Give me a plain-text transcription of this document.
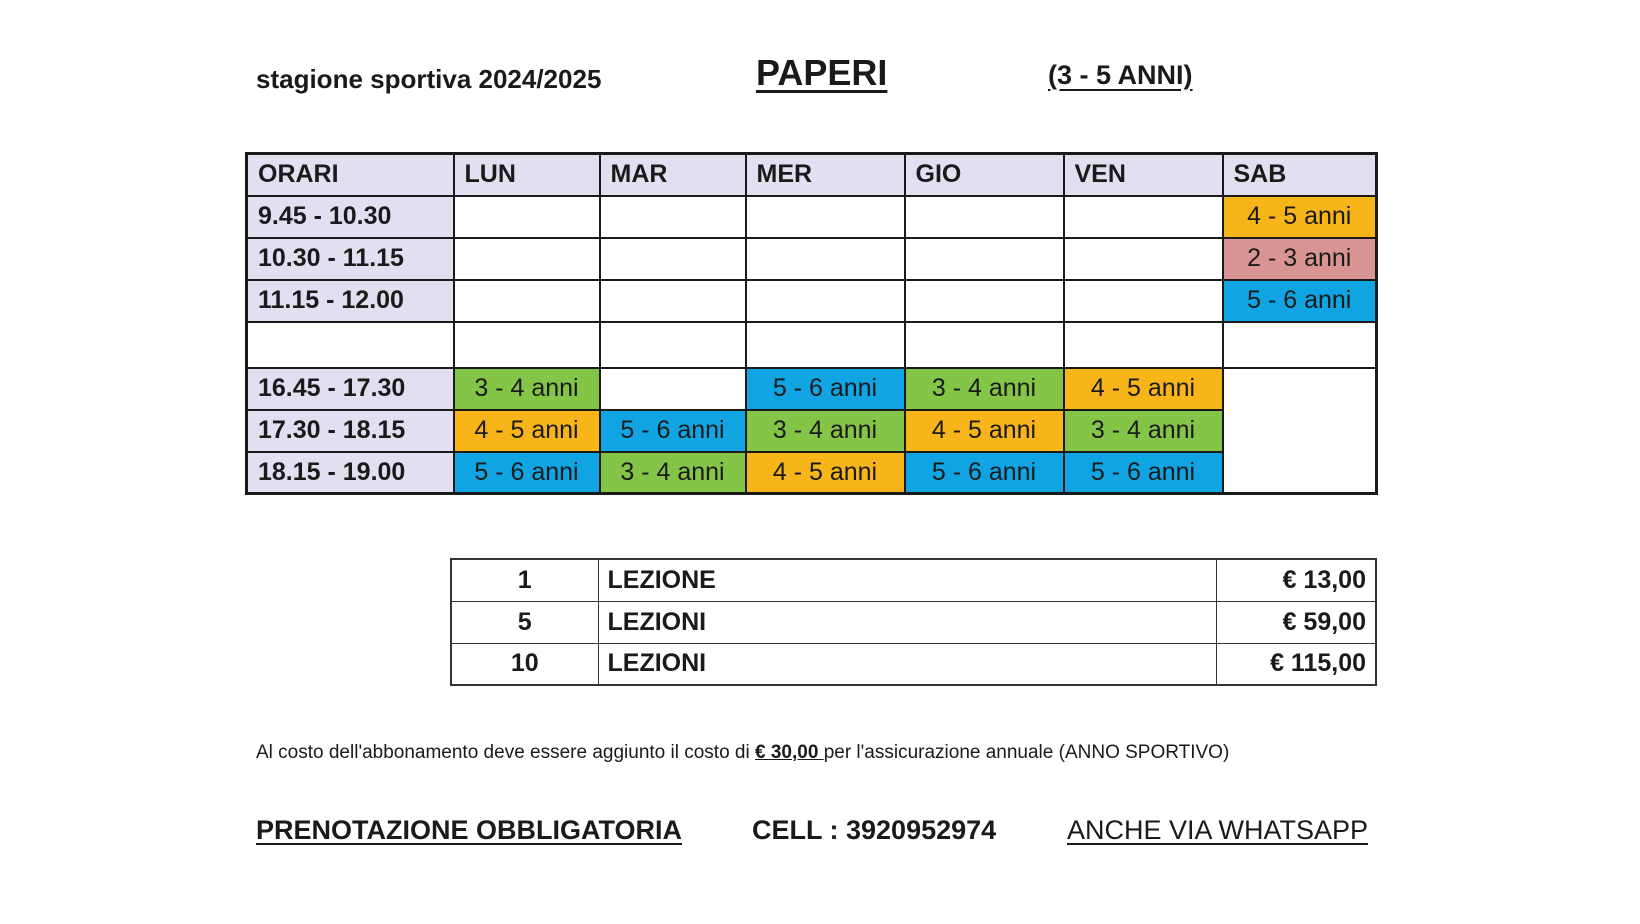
stagione sportiva 2024/2025	PAPERI	(3 - 5 ANNI)
ORARI	LUN	MAR	MER	GIO	VEN	SAB
9.45 - 10.30						4 - 5 anni
10.30 - 11.15						2 - 3 anni
11.15 - 12.00						5 - 6 anni

16.45 - 17.30	3 - 4 anni		5 - 6 anni	3 - 4 anni	4 - 5 anni	
17.30 - 18.15	4 - 5 anni	5 - 6 anni	3 - 4 anni	4 - 5 anni	3 - 4 anni	
18.15 - 19.00	5 - 6 anni	3 - 4 anni	4 - 5 anni	5 - 6 anni	5 - 6 anni	
1	LEZIONE	€ 13,00
5	LEZIONI	€ 59,00
10	LEZIONI	€ 115,00
Al costo dell'abbonamento deve essere aggiunto il costo di € 30,00 per l'assicurazione annuale (ANNO SPORTIVO)
PRENOTAZIONE OBBLIGATORIA	CELL : 3920952974	ANCHE VIA WHATSAPP
